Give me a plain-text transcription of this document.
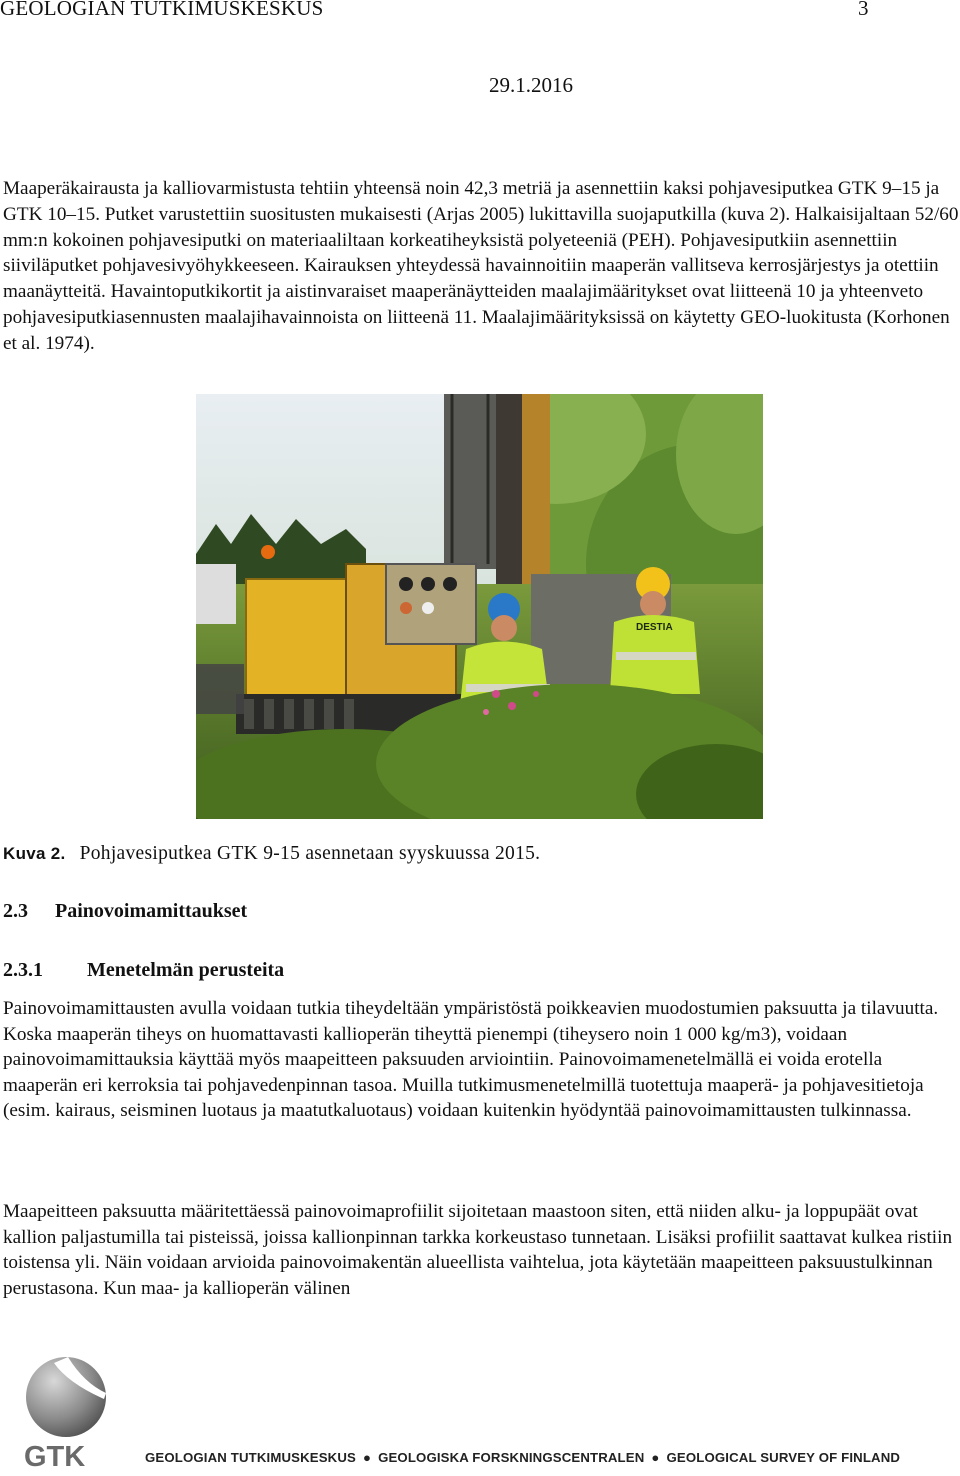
GEOLOGIAN TUTKIMUSKESKUS	3
29.1.2016

Maaperäkairausta ja kalliovarmistusta tehtiin yhteensä noin 42,3 metriä ja asennettiin kaksi pohjavesiputkea GTK 9–15 ja GTK 10–15. Putket varustettiin suositusten mukaisesti (Arjas 2005) lukittavilla suojaputkilla (kuva 2). Halkaisijaltaan 52/60 mm:n kokoinen pohjavesiputki on materiaaliltaan korkeatiheyksistä polyeteeniä (PEH). Pohjavesiputkiin asennettiin siiviläputket pohjavesivyöhykkeeseen. Kairauksen yhteydessä havainnoitiin maaperän vallitseva kerrosjärjestys ja otettiin maanäytteitä. Havaintoputkikortit ja aistinvaraiset maaperänäytteiden maalajimääritykset ovat liitteenä 10 ja yhteenveto pohjavesiputkiasennusten maalajihavainnoista on liitteenä 11. Maalajimäärityksissä on käytetty GEO-luokitusta (Korhonen et al. 1974).

DESTIA
Kuva 2. Pohjavesiputkea GTK 9-15 asennetaan syyskuussa 2015.
2.3 Painovoimamittaukset
2.3.1 Menetelmän perusteita

Painovoimamittausten avulla voidaan tutkia tiheydeltään ympäristöstä poikkeavien muodostumien paksuutta ja tilavuutta. Koska maaperän tiheys on huomattavasti kallioperän tiheyttä pienempi (tiheysero noin 1 000 kg/m3), voidaan painovoimamittauksia käyttää myös maapeitteen paksuuden arviointiin. Painovoimamenetelmällä ei voida erotella maaperän eri kerroksia tai pohjavedenpinnan tasoa. Muilla tutkimusmenetelmillä tuotettuja maaperä- ja pohjavesitietoja (esim. kairaus, seisminen luotaus ja maatutkaluotaus) voidaan kuitenkin hyödyntää painovoimamittausten tulkinnassa.

Maapeitteen paksuutta määritettäessä painovoimaprofiilit sijoitetaan maastoon siten, että niiden alku- ja loppupäät ovat kallion paljastumilla tai pisteissä, joissa kallionpinnan tarkka korkeustaso tunnetaan. Lisäksi profiilit saattavat kulkea ristiin toistensa yli. Näin voidaan arvioida painovoimakentän alueellista vaihtelua, jota käytetään maapeitteen paksuustulkinnan perustasona. Kun maa- ja kallioperän välinen

GTK	GEOLOGIAN TUTKIMUSKESKUS ● GEOLOGISKA FORSKNINGSCENTRALEN ● GEOLOGICAL SURVEY OF FINLAND
